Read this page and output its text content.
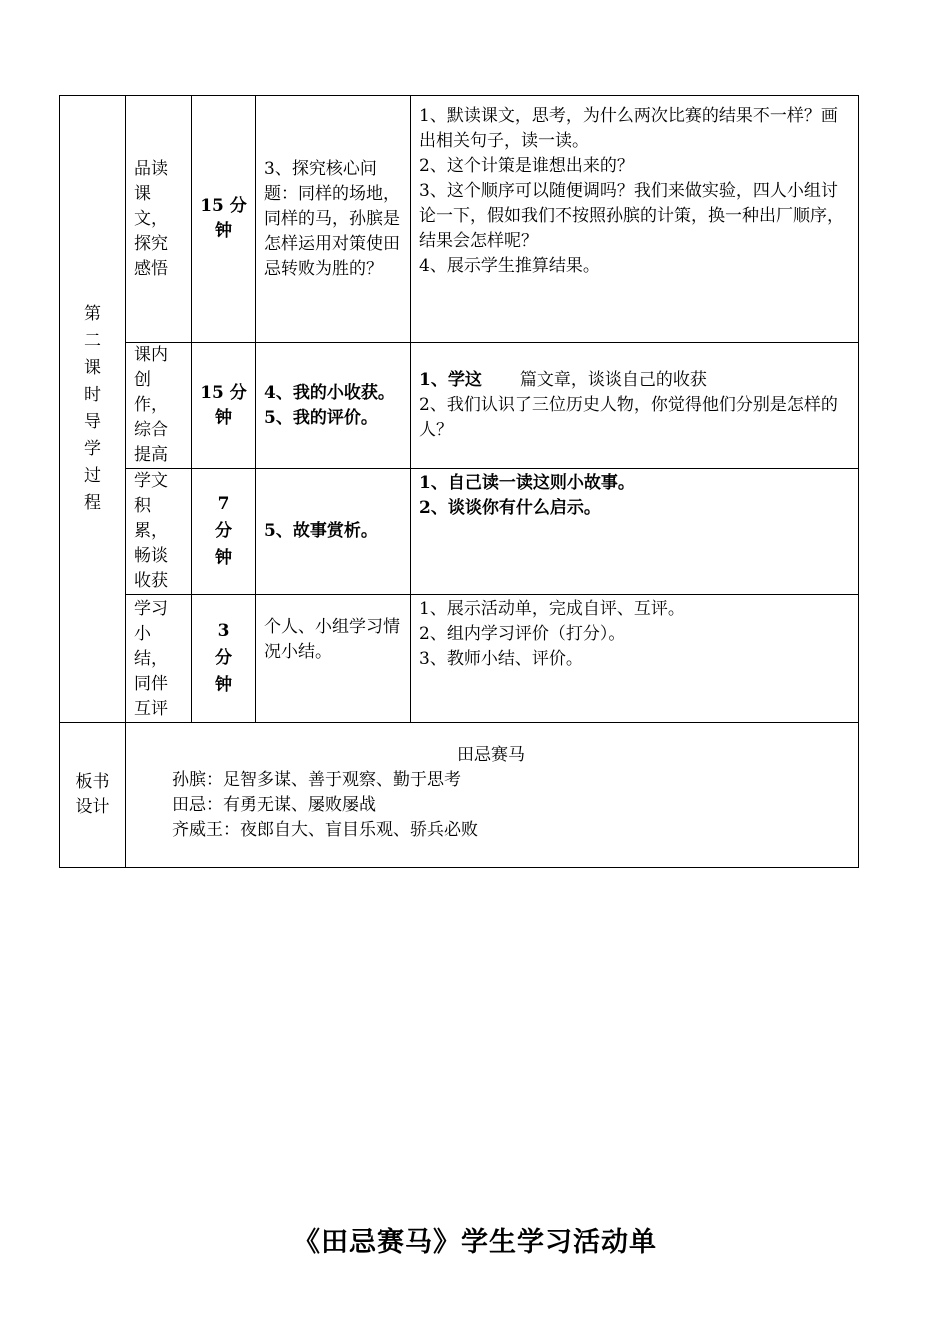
第二课时导学过程	品读课文，探究感悟	15 分钟	3、探究核心问题：同样的场地，同样的马，孙膑是怎样运用对策使田忌转败为胜的？	1、默读课文，思考，为什么两次比赛的结果不一样？画出相关句子，读一读。
2、这个计策是谁想出来的？
3、这个顺序可以随便调吗？我们来做实验，四人小组讨论一下，假如我们不按照孙膑的计策，换一种出厂顺序，结果会怎样呢？
4、展示学生推算结果。

	课内创作，综合提高	15 分钟	4、我的小收获。
5、我的评价。	1、学这 篇文章，谈谈自己的收获
2、我们认识了三位历史人物，你觉得他们分别是怎样的人？

	学文积累，畅谈收获	7 分钟	5、故事赏析。	1、自己读一读这则小故事。
2、谈谈你有什么启示。

	学习小结，同伴互评	3 分钟	个人、小组学习情况小结。	1、展示活动单，完成自评、互评。
2、组内学习评价（打分）。
3、教师小结、评价。

板书设计	田忌赛马
孙膑：足智多谋、善于观察、勤于思考
田忌：有勇无谋、屡败屡战
齐威王：夜郎自大、盲目乐观、骄兵必败			
《田忌赛马》学生学习活动单
